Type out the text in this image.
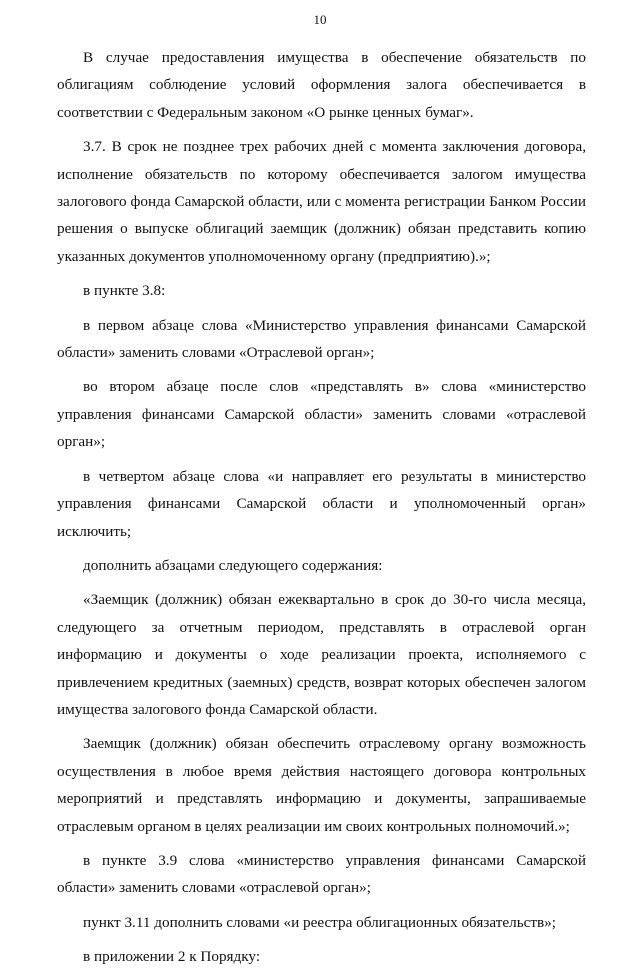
10

В случае предоставления имущества в обеспечение обязательств по облигациям соблюдение условий оформления залога обеспечивается в соответствии с Федеральным законом «О рынке ценных бумаг».

3.7. В срок не позднее трех рабочих дней с момента заключения договора, исполнение обязательств по которому обеспечивается залогом имущества залогового фонда Самарской области, или с момента регистрации Банком России решения о выпуске облигаций заемщик (должник) обязан представить копию указанных документов уполномоченному органу (предприятию).»;

в пункте 3.8:

в первом абзаце слова «Министерство управления финансами Самарской области» заменить словами «Отраслевой орган»;

во втором абзаце после слов «представлять в» слова «министерство управления финансами Самарской области» заменить словами «отраслевой орган»;

в четвертом абзаце слова «и направляет его результаты в министерство управления финансами Самарской области и уполномоченный орган» исключить;

дополнить абзацами следующего содержания:

«Заемщик (должник) обязан ежеквартально в срок до 30-го числа месяца, следующего за отчетным периодом, представлять в отраслевой орган информацию и документы о ходе реализации проекта, исполняемого с привлечением кредитных (заемных) средств, возврат которых обеспечен залогом имущества залогового фонда Самарской области.

Заемщик (должник) обязан обеспечить отраслевому органу возможность осуществления в любое время действия настоящего договора контрольных мероприятий и представлять информацию и документы, запрашиваемые отраслевым органом в целях реализации им своих контрольных полномочий.»;

в пункте 3.9 слова «министерство управления финансами Самарской области» заменить словами «отраслевой орган»;

пункт 3.11 дополнить словами «и реестра облигационных обязательств»;

в приложении 2 к Порядку:
